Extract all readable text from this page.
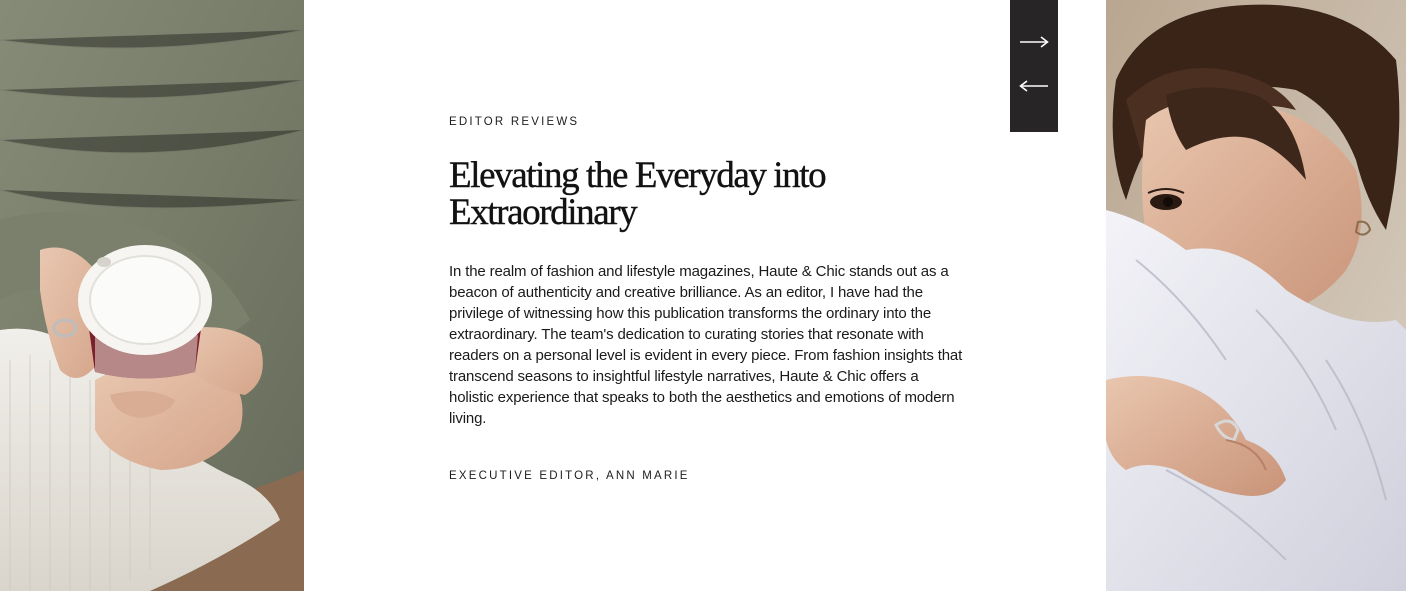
EDITOR REVIEWS

Elevating the Everyday into Extraordinary

In the realm of fashion and lifestyle magazines, Haute & Chic stands out as a beacon of authenticity and creative brilliance. As an editor, I have had the privilege of witnessing how this publication transforms the ordinary into the extraordinary. The team's dedication to curating stories that resonate with readers on a personal level is evident in every piece. From fashion insights that transcend seasons to insightful lifestyle narratives, Haute & Chic offers a holistic experience that speaks to both the aesthetics and emotions of modern living.

EXECUTIVE EDITOR, ANN MARIE
